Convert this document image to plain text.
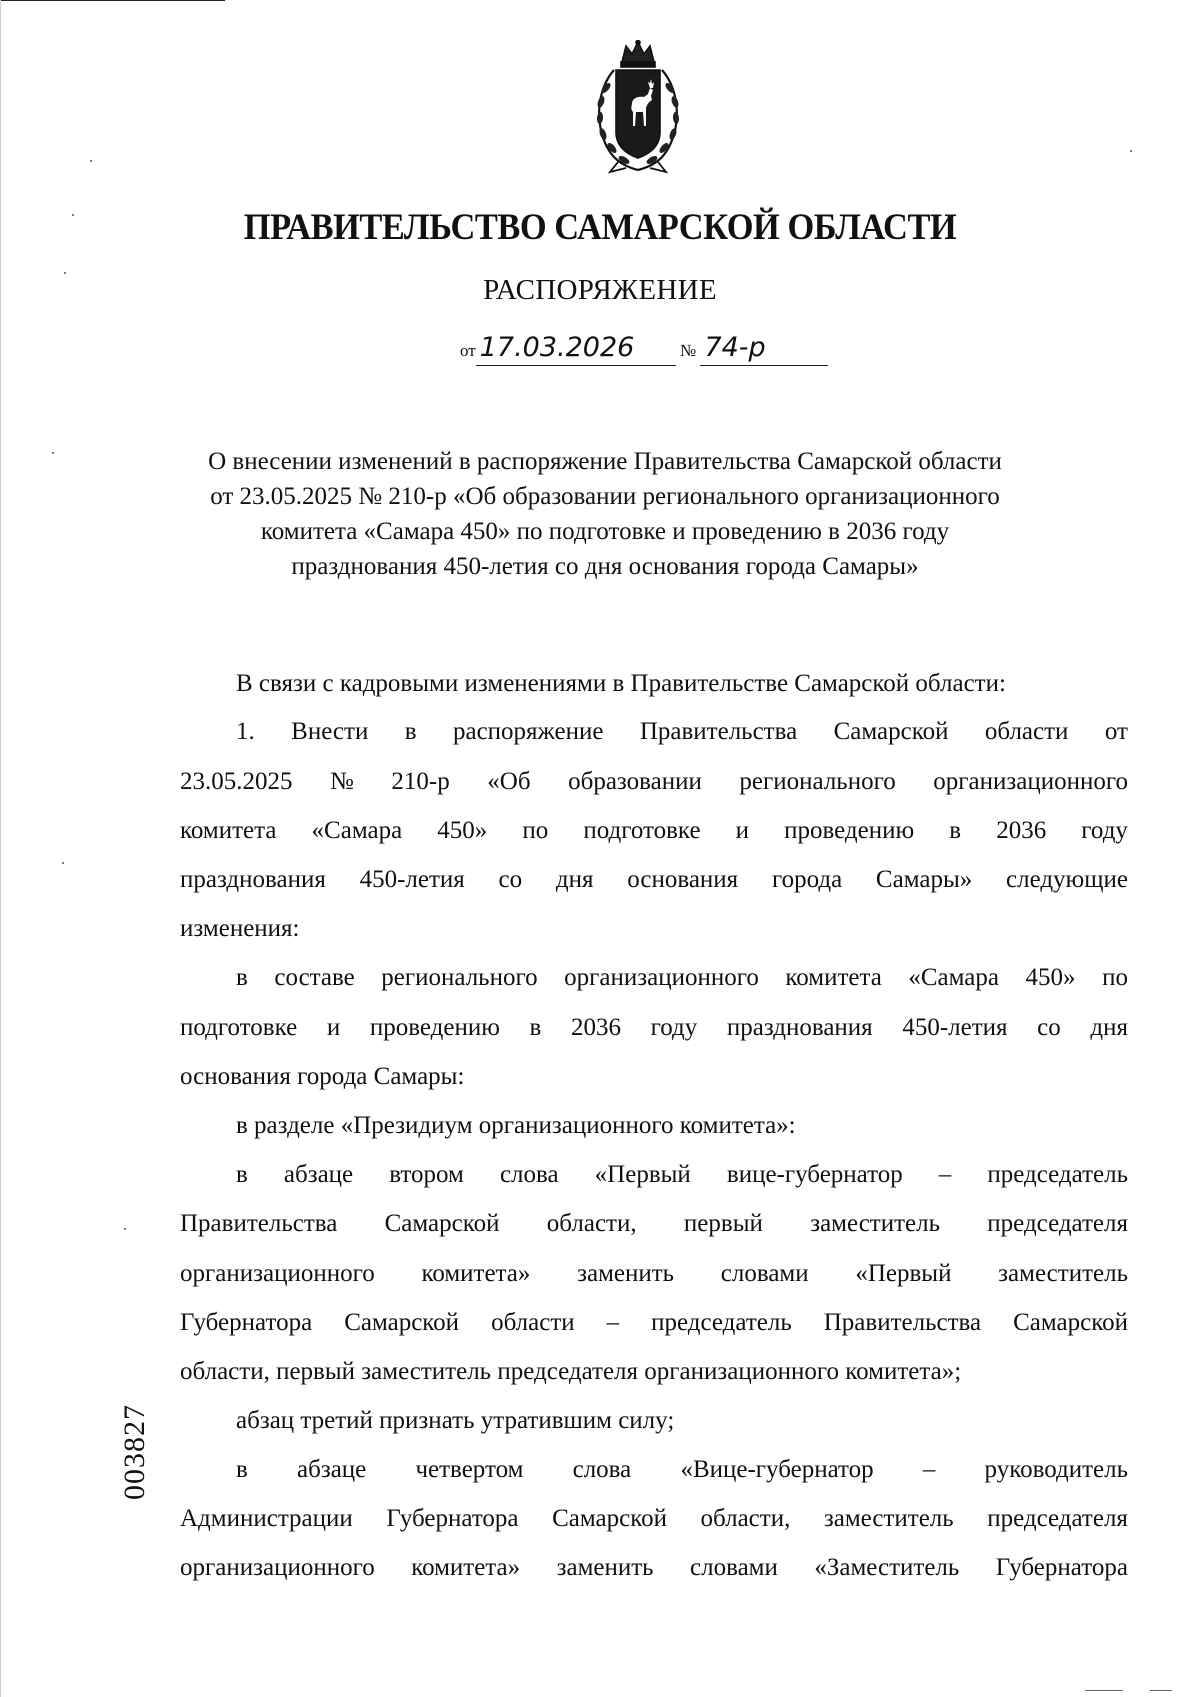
ПРАВИТЕЛЬСТВО САМАРСКОЙ ОБЛАСТИ
РАСПОРЯЖЕНИЕ
от 17.03.2026	№ 74-р
О внесении изменений в распоряжение Правительства Самарской области
от 23.05.2025 № 210-р «Об образовании регионального организационного
комитета «Самара 450» по подготовке и проведению в 2036 году
празднования 450-летия со дня основания города Самары»
В связи с кадровыми изменениями в Правительстве Самарской области:
1. Внести в распоряжение Правительства Самарской области от
23.05.2025 № 210-р «Об образовании регионального организационного
комитета «Самара 450» по подготовке и проведению в 2036 году
празднования 450-летия со дня основания города Самары» следующие
изменения:
в составе регионального организационного комитета «Самара 450» по
подготовке и проведению в 2036 году празднования 450-летия со дня
основания города Самары:
в разделе «Президиум организационного комитета»:
в абзаце втором слова «Первый вице-губернатор – председатель
Правительства Самарской области, первый заместитель председателя
организационного комитета» заменить словами «Первый заместитель
Губернатора Самарской области – председатель Правительства Самарской
области, первый заместитель председателя организационного комитета»;
абзац третий признать утратившим силу;
в абзаце четвертом слова «Вице-губернатор – руководитель
Администрации Губернатора Самарской области, заместитель председателя
организационного комитета» заменить словами «Заместитель Губернатора
003827
